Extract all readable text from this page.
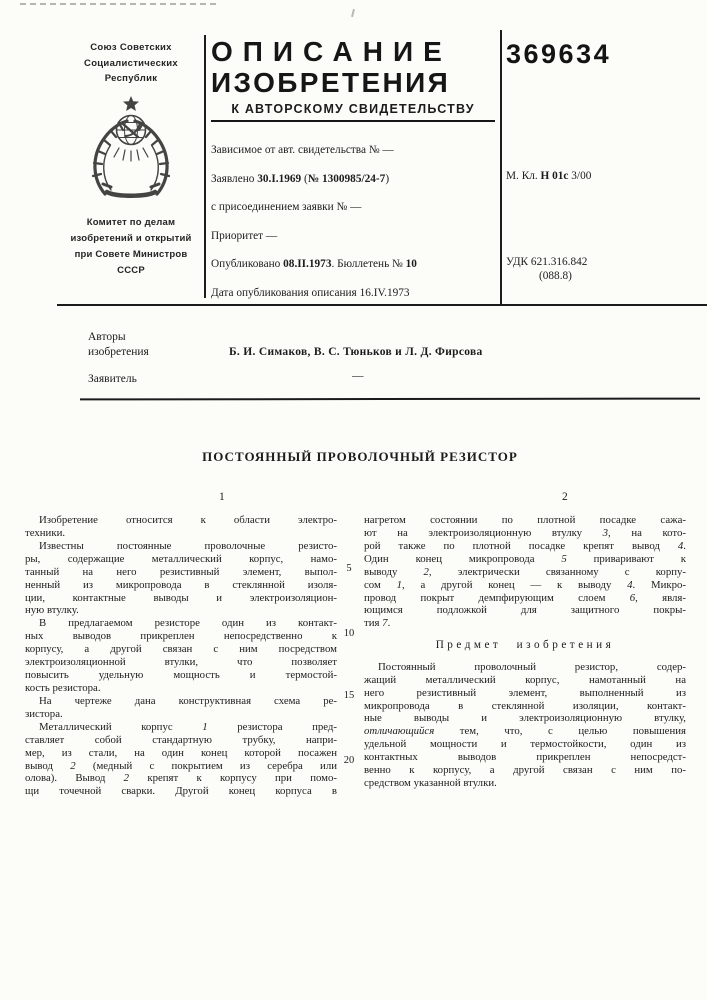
Союз Советских
Социалистических
Республик
Комитет по делам
изобретений и открытий
при Совете Министров
СССР
ОПИСАНИЕ
ИЗОБРЕТЕНИЯ
К АВТОРСКОМУ СВИДЕТЕЛЬСТВУ
Зависимое от авт. свидетельства № —
Заявлено 30.I.1969 (№ 1300985/24-7)
с присоединением заявки № —
Приоритет —
Опубликовано 08.II.1973. Бюллетень № 10
Дата опубликования описания 16.IV.1973
369634
М. Кл. Н 01с 3/00
УДК 621.316.842
(088.8)
Авторы
изобретения	Б. И. Симаков, В. С. Тюньков и Л. Д. Фирсова
Заявитель	—
ПОСТОЯННЫЙ ПРОВОЛОЧНЫЙ РЕЗИСТОР
1	2
Изобретение относится к области электро-
техники.
Известны постоянные проволочные резисто-
ры, содержащие металлический корпус, намо-
танный на него резистивный элемент, выпол-
ненный из микропровода в стеклянной изоля-
ции, контактные выводы и электроизоляцион-
ную втулку.
В предлагаемом резисторе один из контакт-
ных выводов прикреплен непосредственно к
корпусу, а другой связан с ним посредством
электроизоляционной втулки, что позволяет
повысить удельную мощность и термостой-
кость резистора.
На чертеже дана конструктивная схема ре-
зистора.
Металлический корпус 1 резистора пред-
ставляет собой стандартную трубку, напри-
мер, из стали, на один конец которой посажен
вывод 2 (медный с покрытием из серебра или
олова). Вывод 2 крепят к корпусу при помо-
щи точечной сварки. Другой конец корпуса в
нагретом состоянии по плотной посадке сажа-
ют на электроизоляционную втулку 3, на кото-
рой также по плотной посадке крепят вывод 4.
Один конец микропровода 5 приваривают к
выводу 2, электрически связанному с корпу-
сом 1, а другой конец — к выводу 4. Микро-
провод покрыт демпфирующим слоем 6, явля-
ющимся подложкой для защитного покры-
тия 7.
Предмет изобретения
Постоянный проволочный резистор, содер-
жащий металлический корпус, намотанный на
него резистивный элемент, выполненный из
микропровода в стеклянной изоляции, контакт-
ные выводы и электроизоляционную втулку,
отличающийся тем, что, с целью повышения
удельной мощности и термостойкости, один из
контактных выводов прикреплен непосредст-
венно к корпусу, а другой связан с ним по-
средством указанной втулки.
5
10
15
20
